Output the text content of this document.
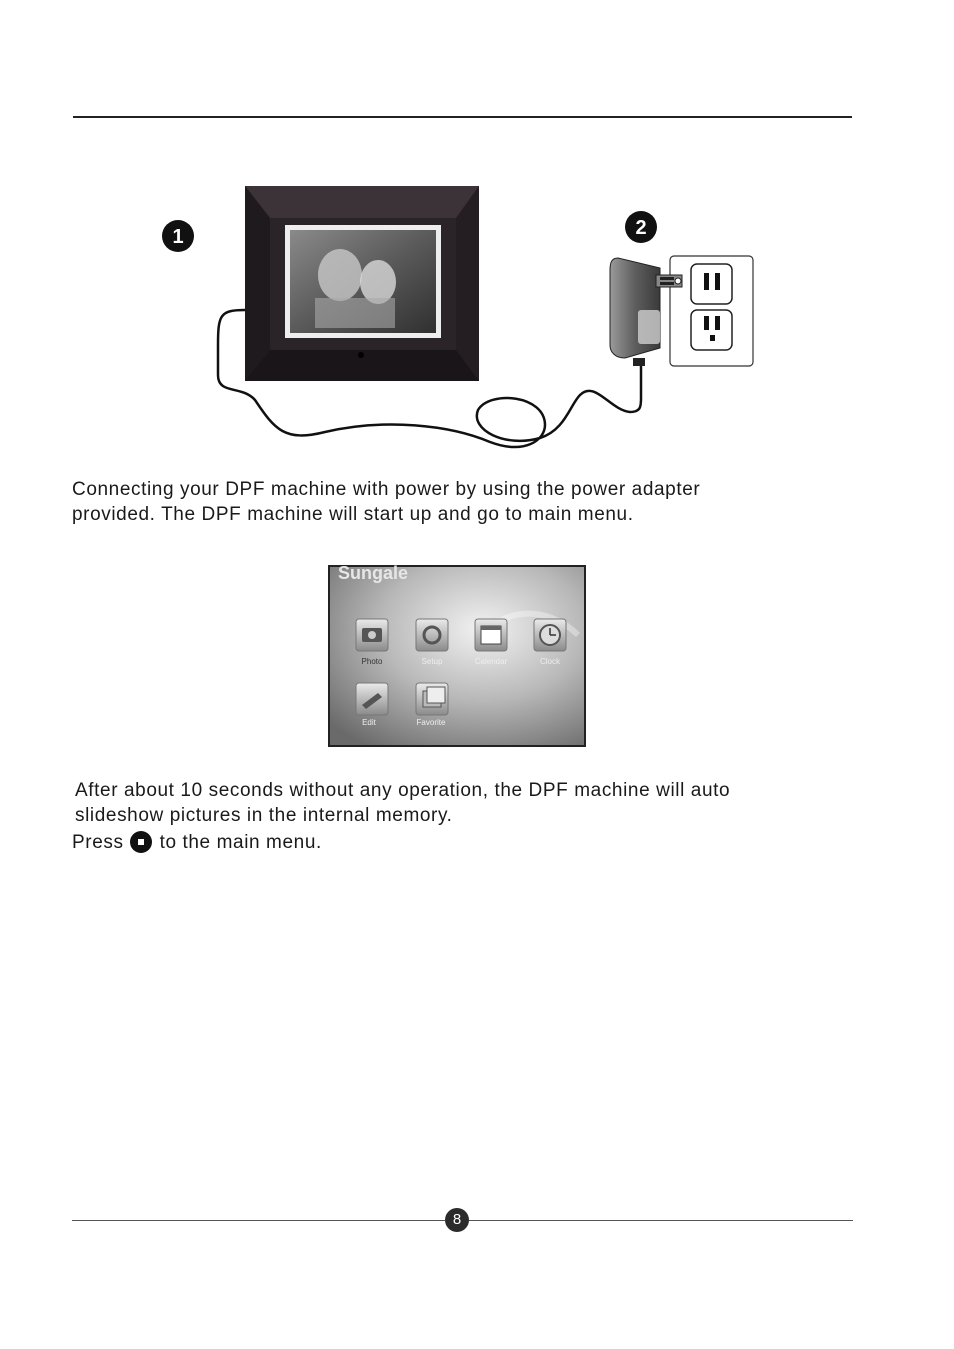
1	2
Connecting your DPF machine with power by using the power adapter
provided. The DPF machine will start up and go to main menu.
Sungale
Photo	Setup	Calendar	Clock
Edit	Favorite
After about 10 seconds without any operation, the DPF machine will auto
slideshow pictures in the internal memory.
Press to the main menu.
8
